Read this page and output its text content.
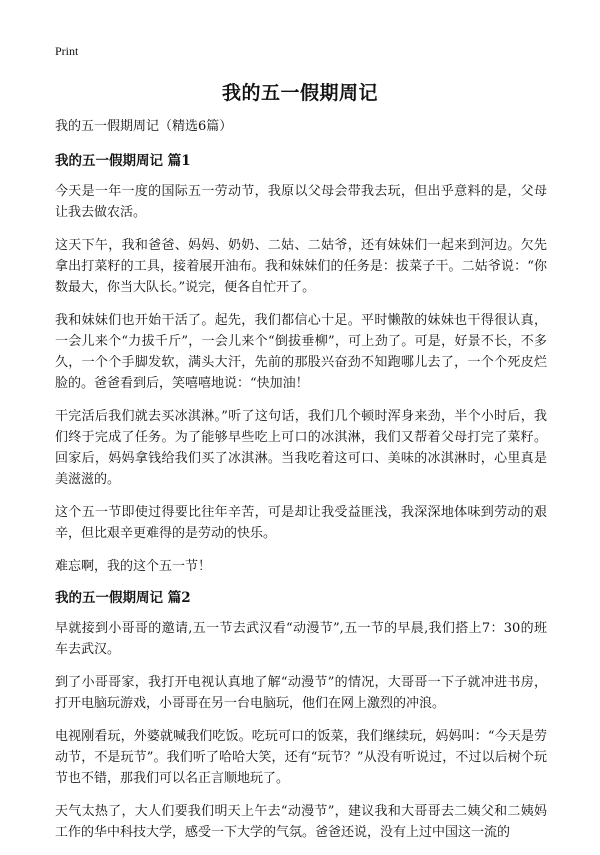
Print
我的五一假期周记

我的五一假期周记（精选6篇）

我的五一假期周记 篇1

今天是一年一度的国际五一劳动节，我原以父母会带我去玩，但出乎意料的是，父母让我去做农活。

这天下午，我和爸爸、妈妈、奶奶、二姑、二姑爷，还有妹妹们一起来到河边。欠先拿出打菜籽的工具，接着展开油布。我和妹妹们的任务是：拔菜子干。二姑爷说：“你数最大，你当大队长。”说完，便各自忙开了。

我和妹妹们也开始干活了。起先，我们都信心十足。平时懒散的妹妹也干得很认真，一会儿来个“力拔千斤”，一会儿来个“倒拔垂柳”，可上劲了。可是，好景不长，不多久，一个个手脚发软，满头大汗，先前的那股兴奋劲不知跑哪儿去了，一个个死皮烂脸的。爸爸看到后，笑嘻嘻地说：“快加油！

干完活后我们就去买冰淇淋。”听了这句话，我们几个顿时浑身来劲，半个小时后，我们终于完成了任务。为了能够早些吃上可口的冰淇淋，我们又帮着父母打完了菜籽。回家后，妈妈拿钱给我们买了冰淇淋。当我吃着这可口、美味的冰淇淋时，心里真是美滋滋的。

这个五一节即使过得要比往年辛苦，可是却让我受益匪浅，我深深地体味到劳动的艰辛，但比艰辛更难得的是劳动的快乐。

难忘啊，我的这个五一节！

我的五一假期周记 篇2

早就接到小哥哥的邀请,五一节去武汉看“动漫节”,五一节的早晨,我们搭上7：30的班车去武汉。

到了小哥哥家，我打开电视认真地了解“动漫节”的情况，大哥哥一下子就冲进书房，打开电脑玩游戏，小哥哥在另一台电脑玩，他们在网上激烈的冲浪。

电视刚看玩，外婆就喊我们吃饭。吃玩可口的饭菜，我们继续玩，妈妈叫：“今天是劳动节，不是玩节”。我们听了哈哈大笑，还有“玩节？”从没有听说过，不过以后树个玩节也不错，那我们可以名正言顺地玩了。

天气太热了，大人们要我们明天上午去“动漫节”，建议我和大哥哥去二姨父和二姨妈工作的华中科技大学，感受一下大学的气氛。爸爸还说，没有上过中国这一流的
